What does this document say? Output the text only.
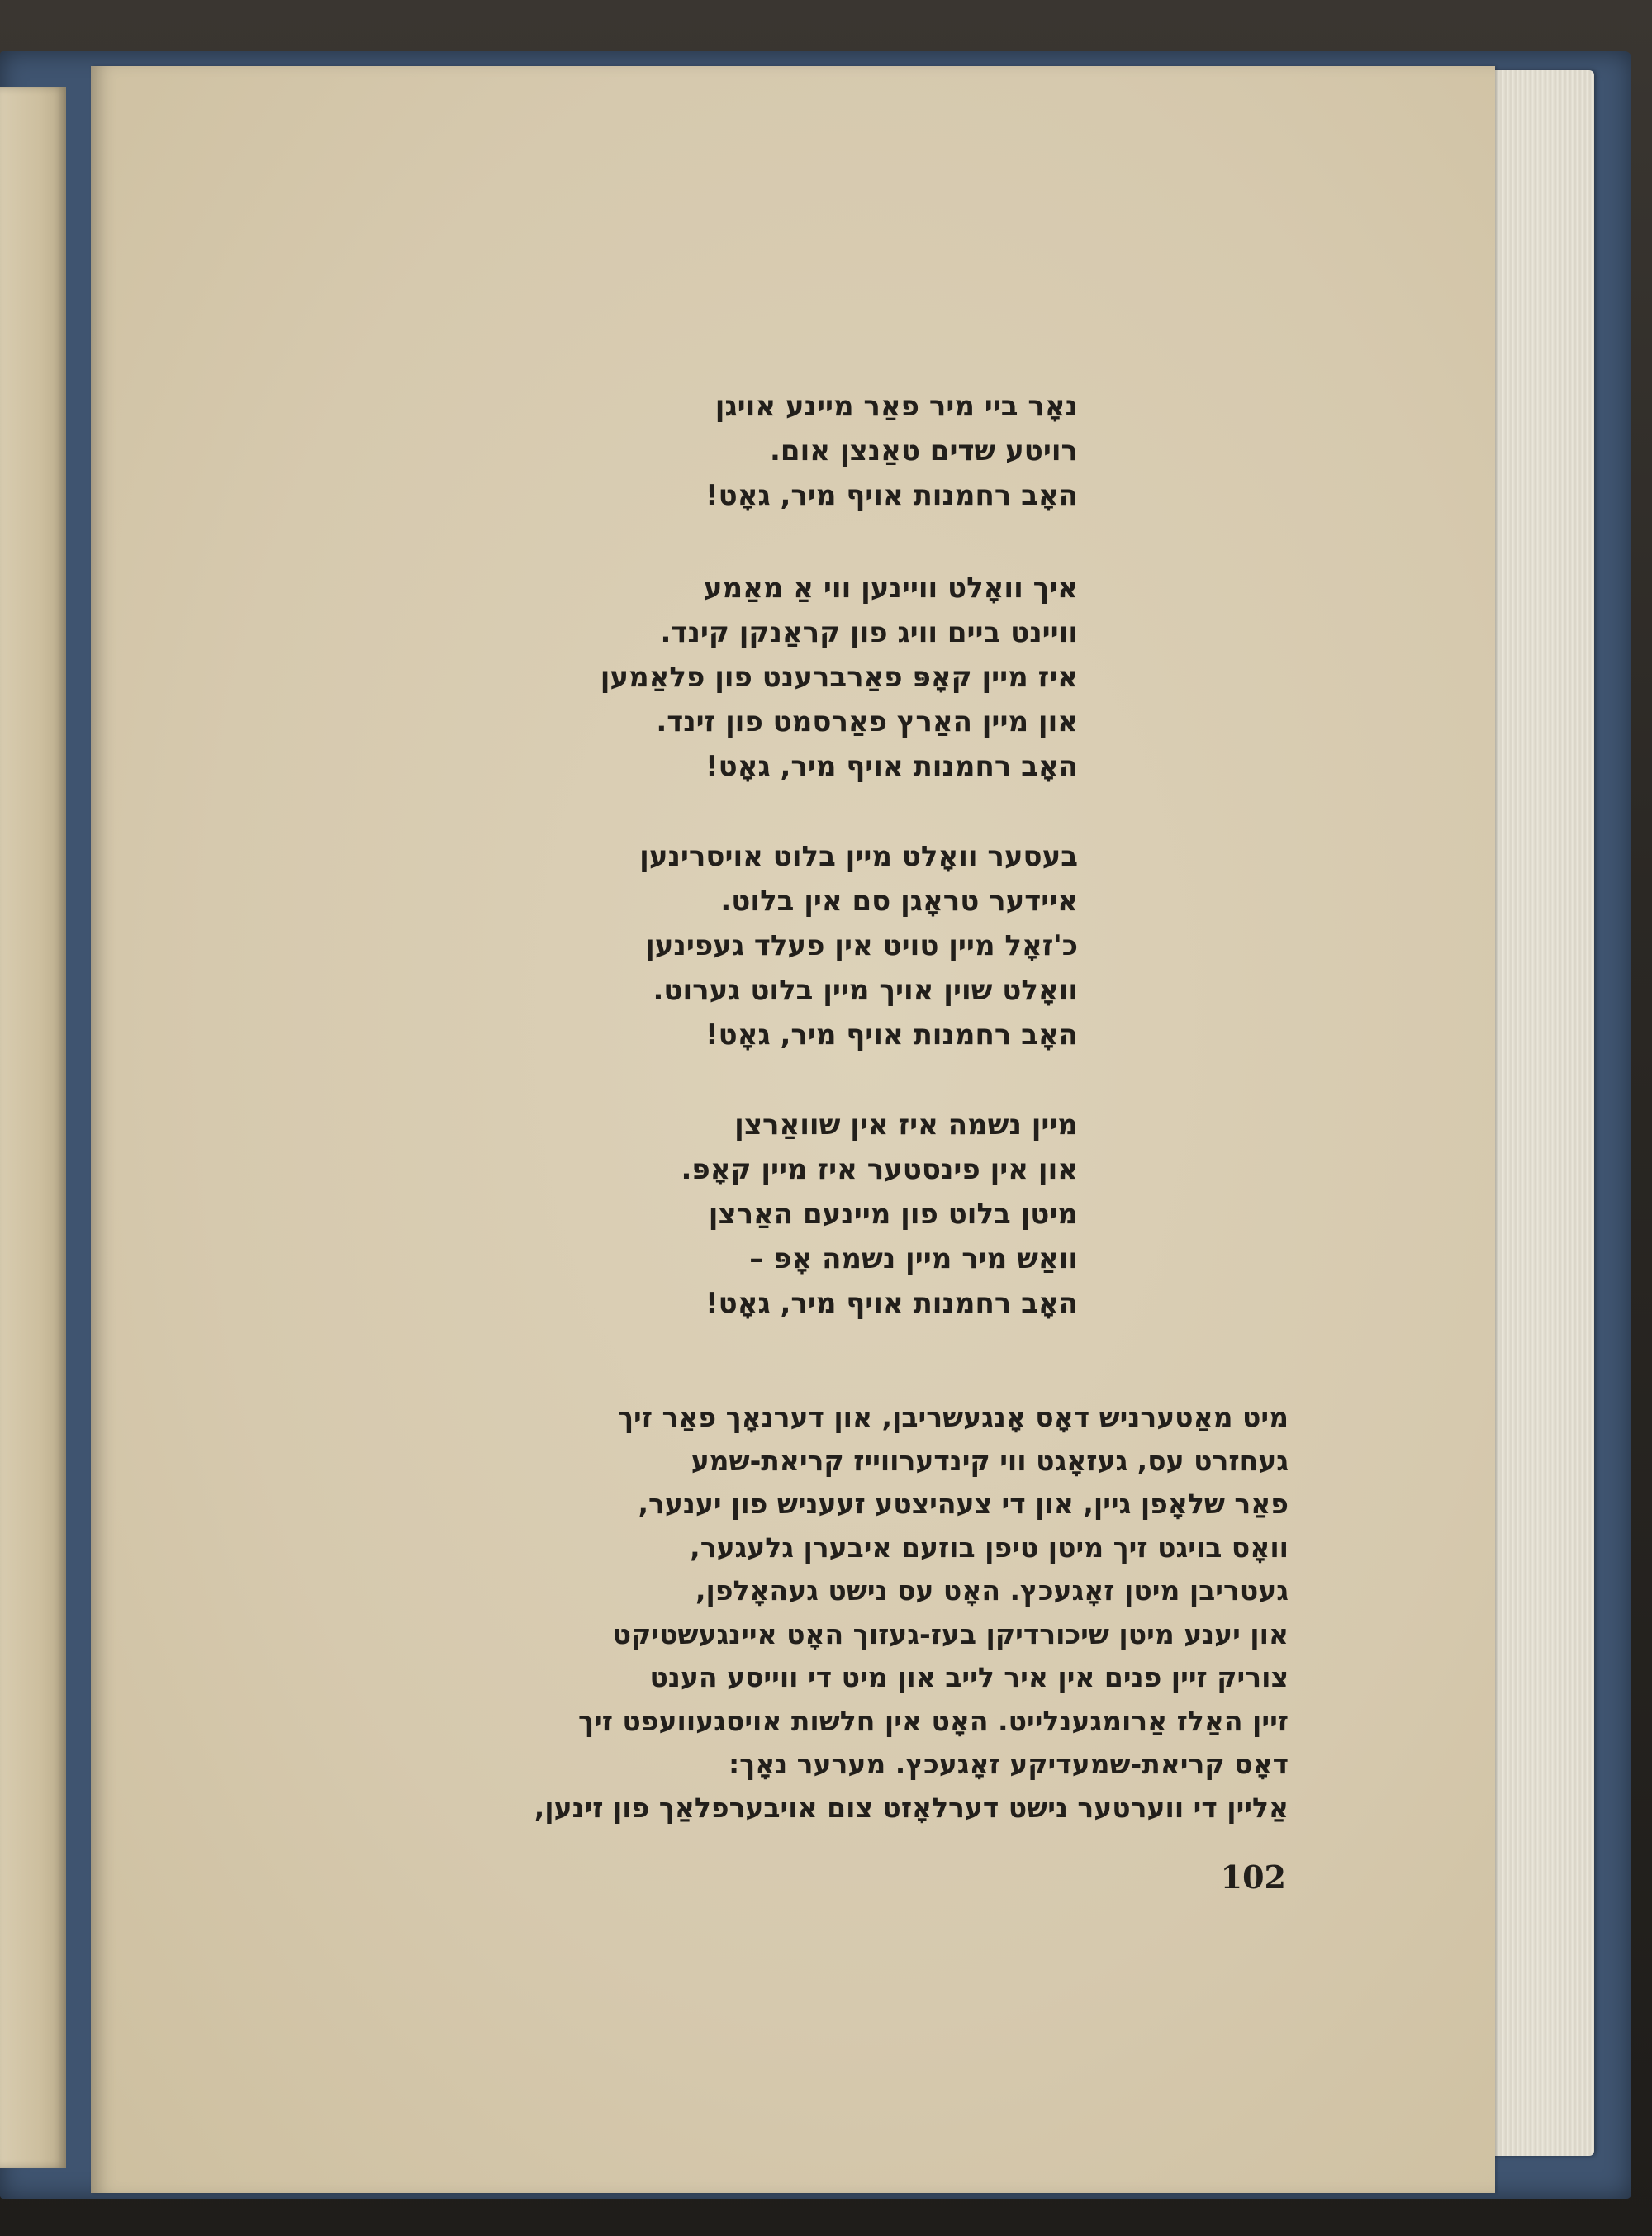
נאָר ביי מיר פאַר מיינע אויגן
רויטע שדים טאַנצן אום.
האָב רחמנות אויף מיר, גאָט!
איך וואָלט וויינען ווי אַ מאַמע
וויינט ביים וויג פון קראַנקן קינד.
איז מיין קאָפּ פאַרברענט פון פלאַמען
און מיין האַרץ פאַרסמט פון זינד.
האָב רחמנות אויף מיר, גאָט!
בעסער וואָלט מיין בלוט אויסרינען
איידער טראָגן סם אין בלוט.
כ'זאָל מיין טויט אין פעלד געפינען
וואָלט שוין אויך מיין בלוט גערוט.
האָב רחמנות אויף מיר, גאָט!
מיין נשמה איז אין שוואַרצן
און אין פינסטער איז מיין קאָפּ.
מיטן בלוט פון מיינעם האַרצן
וואַש מיר מיין נשמה אָפּ –
האָב רחמנות אויף מיר, גאָט!
מיט מאַטערניש דאָס אָנגעשריבן, און דערנאָך פאַר זיך
געחזרט עס, געזאָגט ווי קינדערווייז קריאת-שמע
פאַר שלאָפן גיין, און די צעהיצטע זעעניש פון יענער,
וואָס בויגט זיך מיטן טיפן בוזעם איבערן גלעגער,
געטריבן מיטן זאָגעכץ. האָט עס נישט געהאָלפן,
און יענע מיטן שיכורדיקן בעז-געזוך האָט איינגעשטיקט
צוריק זיין פנים אין איר לייב און מיט די ווייסע הענט
זיין האַלז אַרומגענלייט. האָט אין חלשות אויסגעוועפט זיך
דאָס קריאת-שמעדיקע זאָגעכץ. מערער נאָך:
אַליין די ווערטער נישט דערלאָזט צום אויבערפלאַך פון זינען,
102
